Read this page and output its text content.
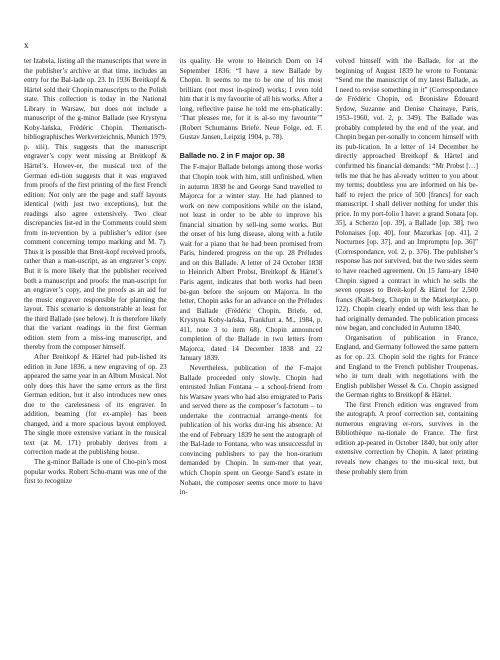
x

ter Izabela, listing all the manuscripts that were in the publisher’s archive at that time, includes an entry for the Bal-lade op. 23. In 1936 Breitkopf & Härtel sold their Chopin manuscripts to the Polish state. This collection is today in the National Library in Warsaw, but does not include a manuscript of the g-minor Ballade (see Krystyna Koby-lańska, Frédéric Chopin. Thematisch-bibliographisches Werkverzeichnis, Munich 1979, p. xiii). This suggests that the manuscript engraver’s copy went missing at Breitkopf & Härtel’s. Howev-er, the musical text of the German edi-tion suggests that it was engraved from proofs of the first printing of the first French edition: Not only are the page and staff layouts identical (with just two exceptions), but the readings also agree extensively. Two clear discrepancies list-ed in the Comments could stem from in-tervention by a publisher’s editor (see comment concerning tempo marking and M. 7). Thus it is possible that Breit-kopf received proofs, rather than a man-uscript, as an engraver’s copy. But it is more likely that the publisher received both a manuscript and proofs: the man-uscript for an engraver’s copy, and the proofs as an aid for the music engraver responsible for planning the layout. This scenario is demonstrable at least for the third Ballade (see below). It is therefore likely that the variant readings in the first German edition stem from a miss-ing manuscript, and thereby from the composer himself.

After Breitkopf & Härtel had pub-lished its edition in June 1836, a new engraving of op. 23 appeared the same year in an Album Musical. Not only does this have the same errors as the first German edition, but it also introduces new ones due to the carelessness of its engraver. In addition, beaming (for ex-ample) has been changed, and a more spacious layout employed. The single more extensive variant in the musical text (at M. 171) probably derives from a correction made at the publishing house.

The g-minor Ballade is one of Cho-pin’s most popular works. Robert Schu-mann was one of the first to recognize

its quality. He wrote to Heinrich Dorn on 14 September 1836: “I have a new Ballade by Chopin. It seems to me to be one of his most brilliant (not most in-spired) works; I even told him that it is my favourite of all his works. After a long, reflective pause he told me em-phatically: ‘That pleases me, for it is al-so my favourite’” (Robert Schumanns Briefe. Neue Folge, ed. F. Gustav Jansen, Leipzig 1904, p. 78).

Ballade no. 2 in F major op. 38

The F-major Ballade belongs among those works that Chopin took with him, still unfinished, when in autumn 1838 he and George Sand travelled to Majorca for a winter stay. He had planned to work on new compositions while on the island, not least in order to be able to improve his financial situation by sell-ing some works. But the onset of his lung disease, along with a futile wait for a piano that he had been promised from Paris, hindered progress on the op. 28 Préludes and on this Ballade. A letter of 24 October 1838 to Heinrich Albert Probst, Breitkopf & Härtel’s Paris agent, indicates that both works had been be-gun before the sojourn on Majorca. In the letter, Chopin asks for an advance on the Préludes and Ballade (Frédéric Chopin, Briefe, ed. Krystyna Koby-lańska, Frankfurt a. M., 1984, p. 411, note 3 to item 68). Chopin announced completion of the Ballade in two letters from Majorca, dated 14 December 1838 and 22 January 1839.

Nevertheless, publication of the F-major Ballade proceeded only slowly. Chopin had entrusted Julian Fontana – a school-friend from his Warsaw years who had also emigrated to Paris and served there as the composer’s factotum – to undertake the contractual arrange-ments for publication of his works dur-ing his absence. At the end of February 1839 he sent the autograph of the Bal-lade to Fontana, who was unsuccessful in convincing publishers to pay the hon-orarium demanded by Chopin. In sum-mer that year, which Chopin spent on George Sand’s estate in Nohant, the composer seems once more to have in-

volved himself with the Ballade, for at the beginning of August 1839 he wrote to Fontana: “Send me the manuscript of my latest Ballade, as I need to revise something in it” (Correspondance de Frédéric Chopin, ed. Bronisław Édouard Sydow, Suzanne and Denise Chainaye, Paris, 1953–1960, vol. 2, p. 349). The Ballade was probably completed by the end of the year, and Chopin began per-sonally to concern himself with its pub-lication. In a letter of 14 December he directly approached Breitkopf & Härtel and confirmed his financial demands: “Mr Probst […] tells me that he has al-ready written to you about my terms; doubtless you are informed on his be-half to reject the price of 500 [francs] for each manuscript. I shall deliver nothing for under this price. In my port-folio I have: a grand Sonata [op. 35], a Scherzo [op. 39], a Ballade [op. 38], two Polonaises [op. 40], four Mazurkas [op. 41], 2 Nocturnes [op. 37], and an Impromptu [op. 36]” (Correspondance, vol. 2, p. 376). The publisher’s response has not survived, but the two sides seem to have reached agreement. On 15 Janu-ary 1840 Chopin signed a contract in which he sells the seven opuses to Breit-kopf & Härtel for 2,500 francs (Kall-berg, Chopin in the Marketplace, p. 122). Chopin clearly ended up with less than he had originally demanded. The publication process now began, and concluded in Autumn 1840.

Organisation of publication in France, England, and Germany followed the same pattern as for op. 23. Chopin sold the rights for France and England to the French publisher Troupenas, who in turn dealt with negotiations with the English publisher Wessel & Co. Chopin assigned the German rights to Breitkopf & Härtel.

The first French edition was engraved from the autograph. A proof correction set, containing numerous engraving er-rors, survives in the Bibliothèque na-tionale de France. The first edition ap-peared in October 1840, but only after extensive correction by Chopin. A later printing reveals new changes to the mu-sical text, but these probably stem from
